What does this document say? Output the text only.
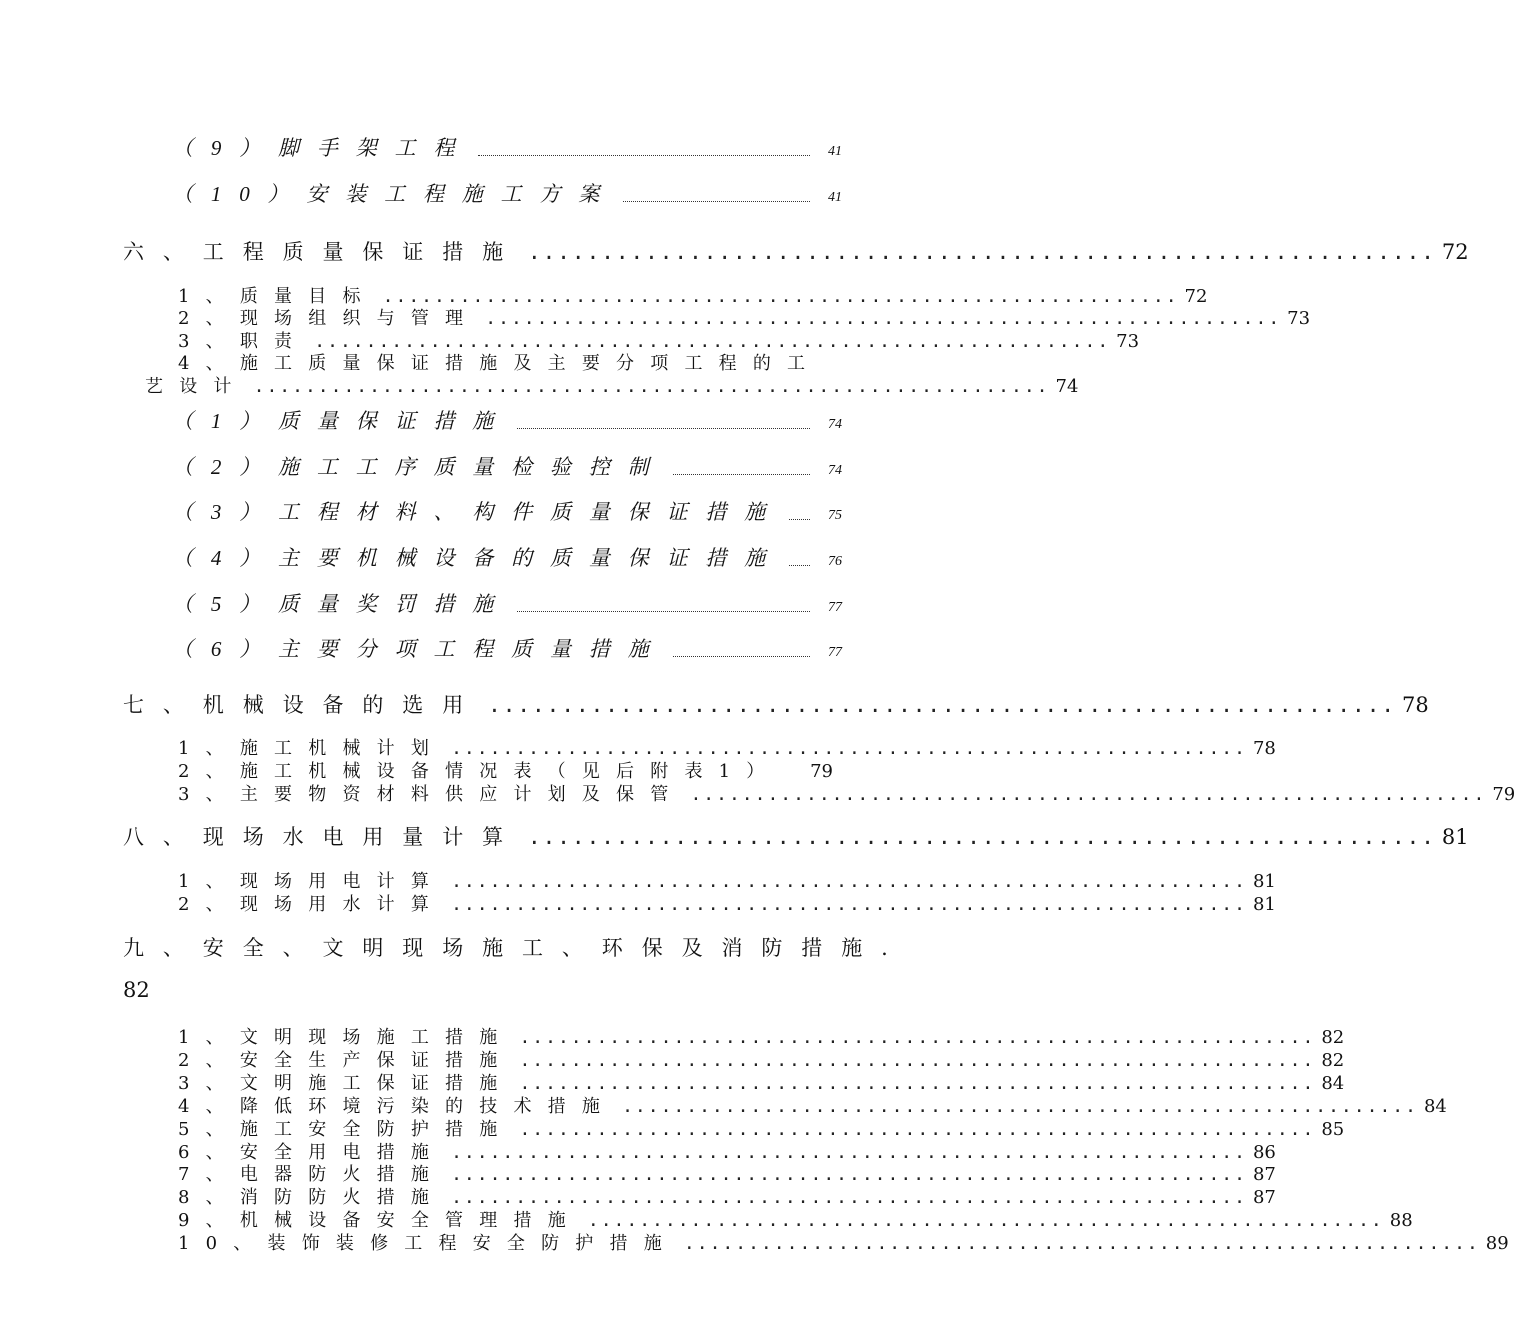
（9）脚手架工程	41
（10）安装工程施工方案	41
六、工程质量保证措施 .............................................................. 72
1、质量目标 .............................................................. 72
2、现场组织与管理 .............................................................. 73
3、职责 .............................................................. 73
4、施工质量保证措施及主要分项工程的工
艺设计 .............................................................. 74
（1）质量保证措施	74
（2）施工工序质量检验控制	74
（3）工程材料、构件质量保证措施	75
（4）主要机械设备的质量保证措施	76
（5）质量奖罚措施	77
（6）主要分项工程质量措施	77
七、机械设备的选用 .............................................................. 78
1、施工机械计划 .............................................................. 78
2、施工机械设备情况表（见后附表1） 79
3、主要物资材料供应计划及保管 .............................................................. 79
八、现场水电用量计算 .............................................................. 81
1、现场用电计算 .............................................................. 81
2、现场用水计算 .............................................................. 81
九、安全、文明现场施工、环保及消防措施.
82
1、文明现场施工措施 .............................................................. 82
2、安全生产保证措施 .............................................................. 82
3、文明施工保证措施 .............................................................. 84
4、降低环境污染的技术措施 .............................................................. 84
5、施工安全防护措施 .............................................................. 85
6、安全用电措施 .............................................................. 86
7、电器防火措施 .............................................................. 87
8、消防防火措施 .............................................................. 87
9、机械设备安全管理措施 .............................................................. 88
10、装饰装修工程安全防护措施 .............................................................. 89
